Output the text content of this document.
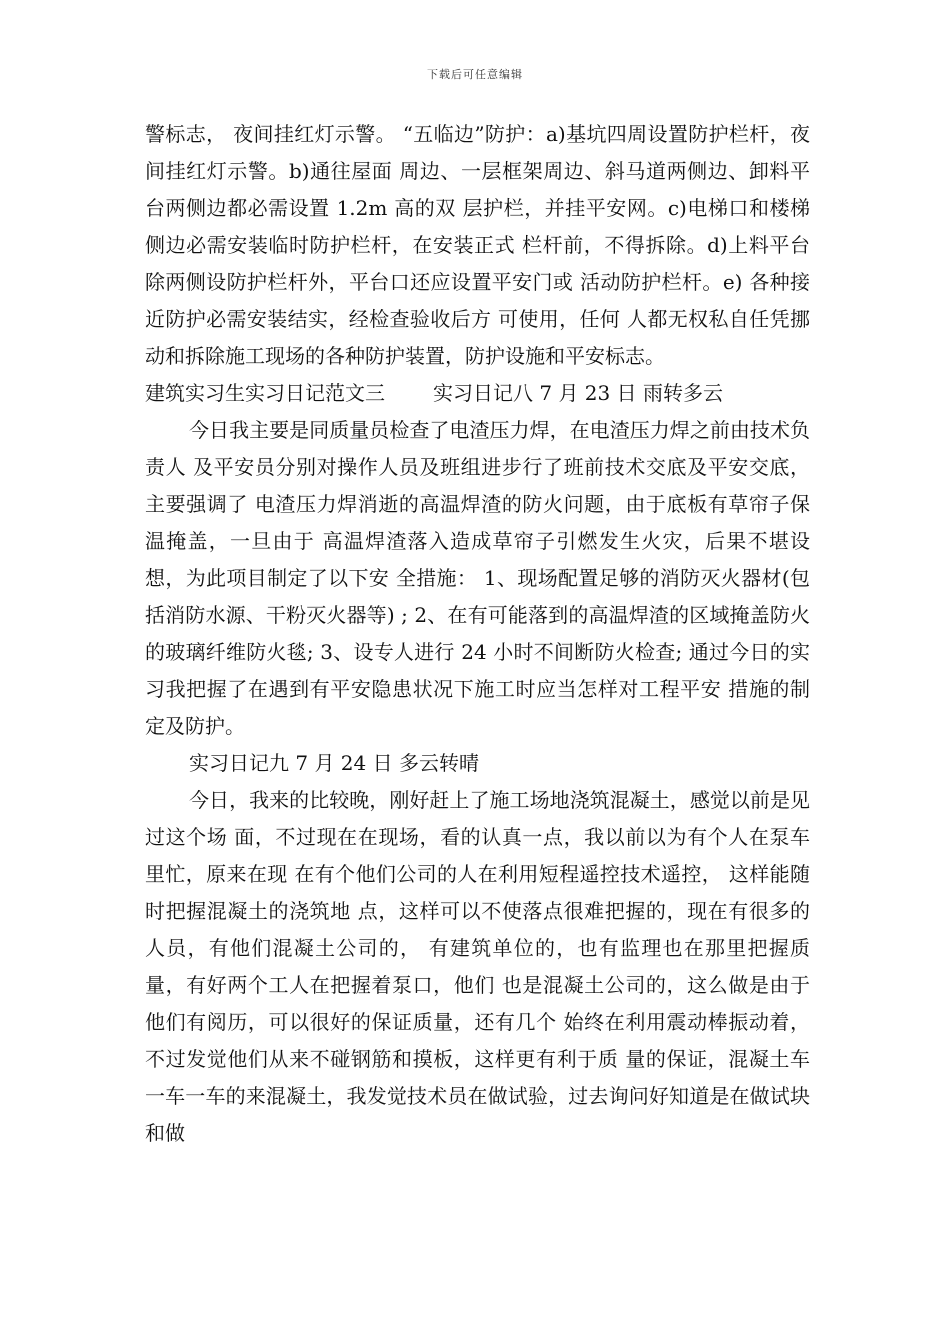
下载后可任意编辑

警标志， 夜间挂红灯示警。 “五临边”防护：a)基坑四周设置防护栏杆，夜间挂红灯示警。b)通往屋面 周边、一层框架周边、斜马道两侧边、卸料平台两侧边都必需设置 1.2m 高的双 层护栏，并挂平安网。c)电梯口和楼梯侧边必需安装临时防护栏杆，在安装正式 栏杆前，不得拆除。d)上料平台除两侧设防护栏杆外，平台口还应设置平安门或 活动防护栏杆。e) 各种接近防护必需安装结实，经检查验收后方 可使用，任何 人都无权私自任凭挪动和拆除施工现场的各种防护装置，防护设施和平安标志。

建筑实习生实习日记范文三 实习日记八 7 月 23 日 雨转多云

今日我主要是同质量员检查了电渣压力焊，在电渣压力焊之前由技术负责人 及平安员分别对操作人员及班组进步行了班前技术交底及平安交底， 主要强调了 电渣压力焊消逝的高温焊渣的防火问题，由于底板有草帘子保温掩盖，一旦由于 高温焊渣落入造成草帘子引燃发生火灾，后果不堪设想，为此项目制定了以下安 全措施： 1、现场配置足够的消防灭火器材(包括消防水源、干粉灭火器等) ; 2、在有可能落到的高温焊渣的区域掩盖防火的玻璃纤维防火毯; 3、设专人进行 24 小时不间断防火检查; 通过今日的实习我把握了在遇到有平安隐患状况下施工时应当怎样对工程平安 措施的制定及防护。

实习日记九 7 月 24 日 多云转晴

今日，我来的比较晚，刚好赶上了施工场地浇筑混凝土，感觉以前是见过这个场 面，不过现在在现场，看的认真一点，我以前以为有个人在泵车里忙，原来在现 在有个他们公司的人在利用短程遥控技术遥控， 这样能随时把握混凝土的浇筑地 点，这样可以不使落点很难把握的，现在有很多的人员，有他们混凝土公司的， 有建筑单位的，也有监理也在那里把握质量，有好两个工人在把握着泵口，他们 也是混凝土公司的，这么做是由于他们有阅历，可以很好的保证质量，还有几个 始终在利用震动棒振动着，不过发觉他们从来不碰钢筋和摸板，这样更有利于质 量的保证，混凝土车一车一车的来混凝土，我发觉技术员在做试验，过去询问好知道是在做试块和做
